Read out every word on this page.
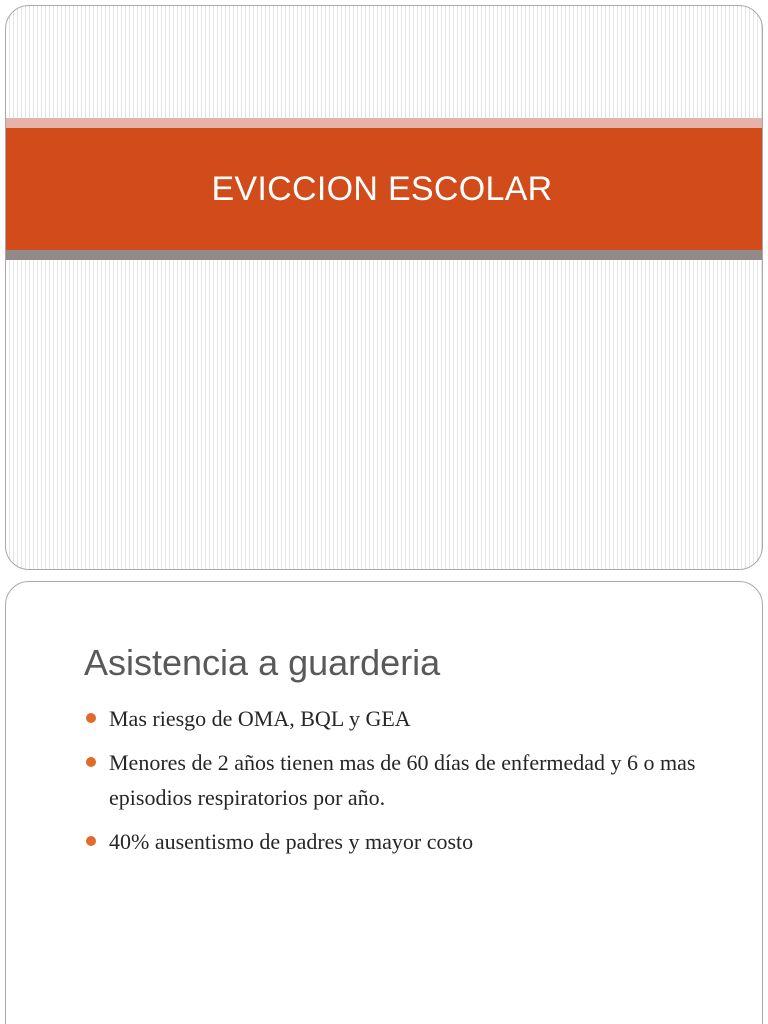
EVICCION ESCOLAR
Asistencia a guarderia
Mas riesgo de OMA, BQL y GEA
Menores de 2 años tienen mas de 60 días de enfermedad y 6 o mas episodios respiratorios por año.
40% ausentismo de padres y mayor costo
